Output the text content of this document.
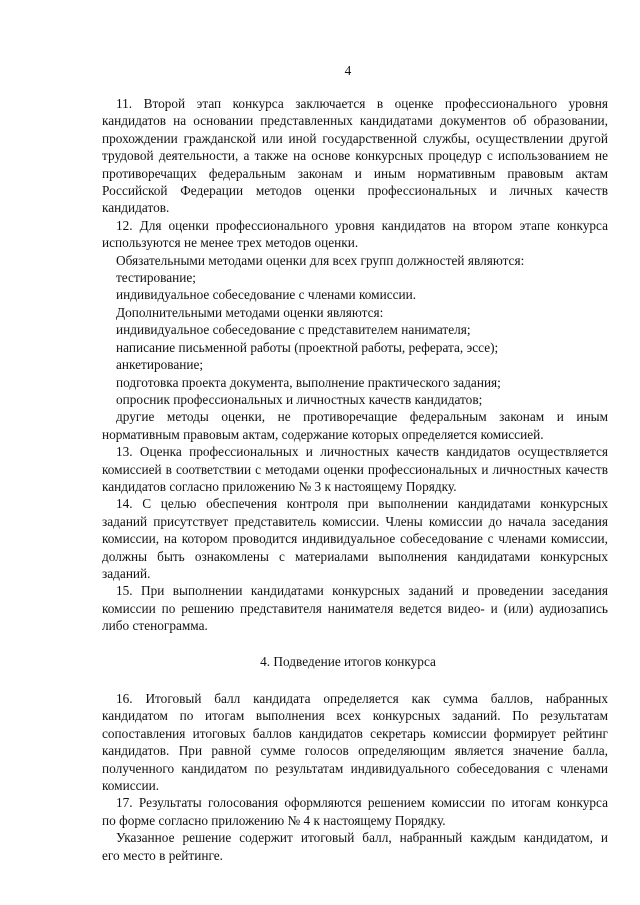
4
11. Второй этап конкурса заключается в оценке профессионального уровня
кандидатов на основании представленных кандидатами документов об образовании,
прохождении гражданской или иной государственной службы, осуществлении другой
трудовой деятельности, а также на основе конкурсных процедур с использованием не
противоречащих федеральным законам и иным нормативным правовым актам
Российской Федерации методов оценки профессиональных и личных качеств
кандидатов.
12. Для оценки профессионального уровня кандидатов на втором этапе конкурса
используются не менее трех методов оценки.
Обязательными методами оценки для всех групп должностей являются:
тестирование;
индивидуальное собеседование с членами комиссии.
Дополнительными методами оценки являются:
индивидуальное собеседование с представителем нанимателя;
написание письменной работы (проектной работы, реферата, эссе);
анкетирование;
подготовка проекта документа, выполнение практического задания;
опросник профессиональных и личностных качеств кандидатов;
другие методы оценки, не противоречащие федеральным законам и иным
нормативным правовым актам, содержание которых определяется комиссией.
13. Оценка профессиональных и личностных качеств кандидатов осуществляется
комиссией в соответствии с методами оценки профессиональных и личностных качеств
кандидатов согласно приложению № 3 к настоящему Порядку.
14. С целью обеспечения контроля при выполнении кандидатами конкурсных
заданий присутствует представитель комиссии. Члены комиссии до начала заседания
комиссии, на котором проводится индивидуальное собеседование с членами комиссии,
должны быть ознакомлены с материалами выполнения кандидатами конкурсных
заданий.
15. При выполнении кандидатами конкурсных заданий и проведении заседания
комиссии по решению представителя нанимателя ведется видео- и (или) аудиозапись
либо стенограмма.
4. Подведение итогов конкурса
16. Итоговый балл кандидата определяется как сумма баллов, набранных
кандидатом по итогам выполнения всех конкурсных заданий. По результатам
сопоставления итоговых баллов кандидатов секретарь комиссии формирует рейтинг
кандидатов. При равной сумме голосов определяющим является значение балла,
полученного кандидатом по результатам индивидуального собеседования с членами
комиссии.
17. Результаты голосования оформляются решением комиссии по итогам конкурса
по форме согласно приложению № 4 к настоящему Порядку.
Указанное решение содержит итоговый балл, набранный каждым кандидатом, и
его место в рейтинге.
